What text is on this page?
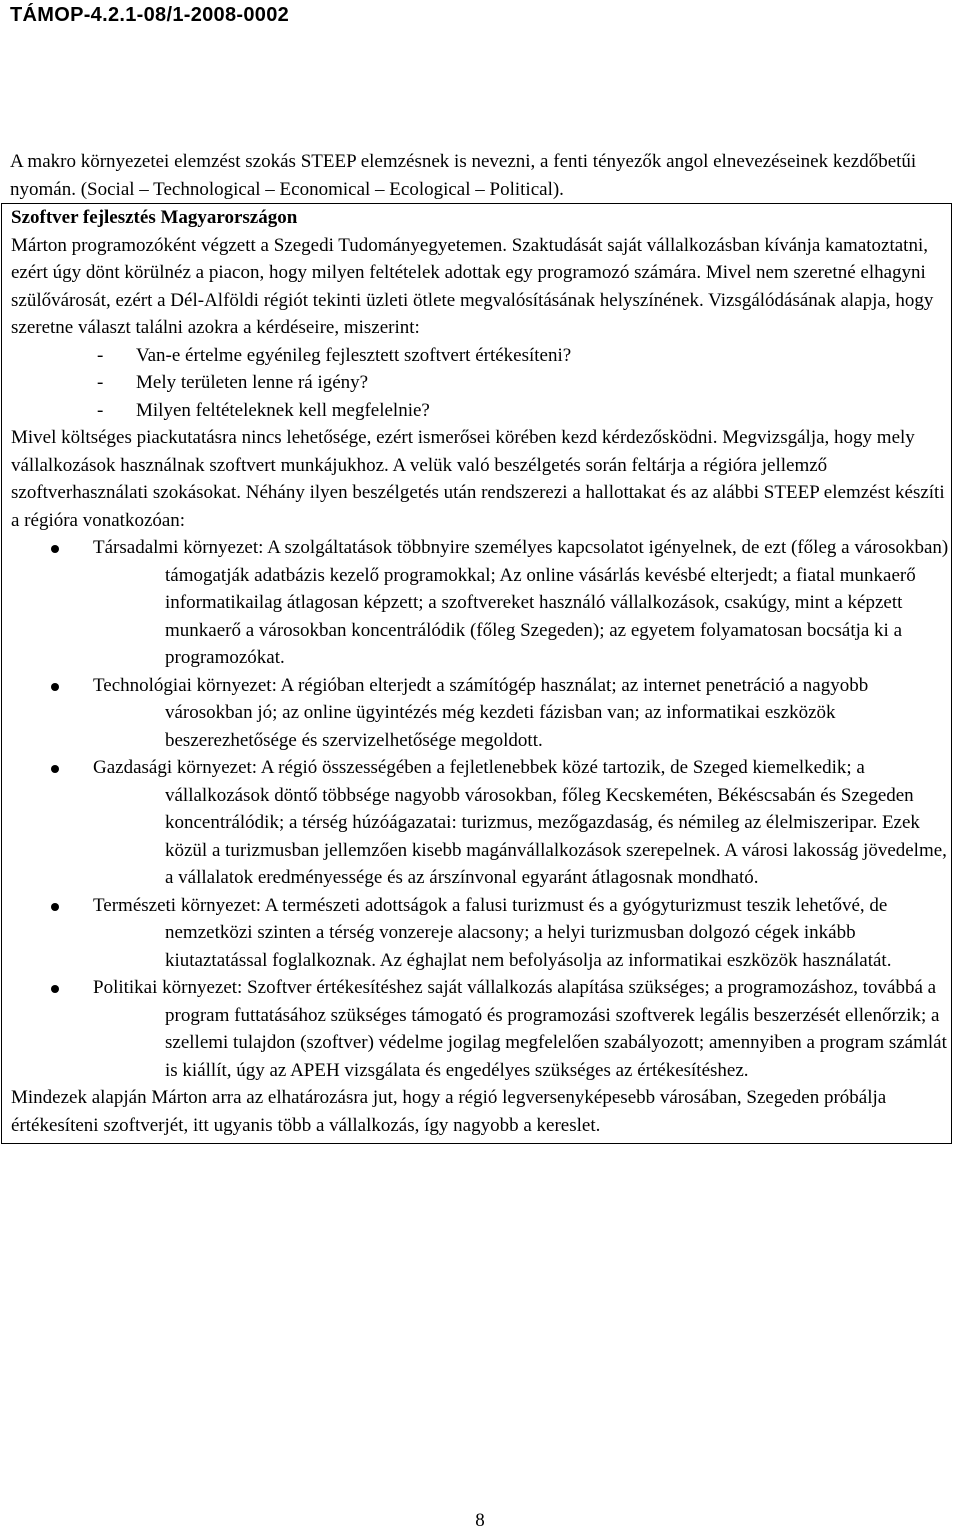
TÁMOP-4.2.1-08/1-2008-0002

A makro környezetei elemzést szokás STEEP elemzésnek is nevezni, a fenti tényezők angol elnevezéseinek kezdőbetűi nyomán. (Social – Technological – Economical – Ecological – Political).

Szoftver fejlesztés Magyarországon

Márton programozóként végzett a Szegedi Tudományegyetemen. Szaktudását saját vállalkozásban kívánja kamatoztatni, ezért úgy dönt körülnéz a piacon, hogy milyen feltételek adottak egy programozó számára. Mivel nem szeretné elhagyni szülővárosát, ezért a Dél-Alföldi régiót tekinti üzleti ötlete megvalósításának helyszínének. Vizsgálódásának alapja, hogy szeretne választ találni azokra a kérdéseire, miszerint:

- Van-e értelme egyénileg fejlesztett szoftvert értékesíteni?
- Mely területen lenne rá igény?
- Milyen feltételeknek kell megfelelnie?

Mivel költséges piackutatásra nincs lehetősége, ezért ismerősei körében kezd kérdezősködni. Megvizsgálja, hogy mely vállalkozások használnak szoftvert munkájukhoz. A velük való beszélgetés során feltárja a régióra jellemző szoftverhasználati szokásokat. Néhány ilyen beszélgetés után rendszerezi a hallottakat és az alábbi STEEP elemzést készíti a régióra vonatkozóan:

Társadalmi környezet: A szolgáltatások többnyire személyes kapcsolatot igényelnek, de ezt (főleg a városokban) támogatják adatbázis kezelő programokkal; Az online vásárlás kevésbé elterjedt; a fiatal munkaerő informatikailag átlagosan képzett; a szoftvereket használó vállalkozások, csakúgy, mint a képzett munkaerő a városokban koncentrálódik (főleg Szegeden); az egyetem folyamatosan bocsátja ki a programozókat.
Technológiai környezet: A régióban elterjedt a számítógép használat; az internet penetráció a nagyobb városokban jó; az online ügyintézés még kezdeti fázisban van; az informatikai eszközök beszerezhetősége és szervizelhetősége megoldott.
Gazdasági környezet: A régió összességében a fejletlenebbek közé tartozik, de Szeged kiemelkedik; a vállalkozások döntő többsége nagyobb városokban, főleg Kecskeméten, Békéscsabán és Szegeden koncentrálódik; a térség húzóágazatai: turizmus, mezőgazdaság, és némileg az élelmiszeripar. Ezek közül a turizmusban jellemzően kisebb magánvállalkozások szerepelnek. A városi lakosság jövedelme, a vállalatok eredményessége és az árszínvonal egyaránt átlagosnak mondható.
Természeti környezet: A természeti adottságok a falusi turizmust és a gyógyturizmust teszik lehetővé, de nemzetközi szinten a térség vonzereje alacsony; a helyi turizmusban dolgozó cégek inkább kiutaztatással foglalkoznak. Az éghajlat nem befolyásolja az informatikai eszközök használatát.
Politikai környezet: Szoftver értékesítéshez saját vállalkozás alapítása szükséges; a programozáshoz, továbbá a program futtatásához szükséges támogató és programozási szoftverek legális beszerzését ellenőrzik; a szellemi tulajdon (szoftver) védelme jogilag megfelelően szabályozott; amennyiben a program számlát is kiállít, úgy az APEH vizsgálata és engedélyes szükséges az értékesítéshez.

Mindezek alapján Márton arra az elhatározásra jut, hogy a régió legversenyképesebb városában, Szegeden próbálja értékesíteni szoftverjét, itt ugyanis több a vállalkozás, így nagyobb a kereslet.

8
